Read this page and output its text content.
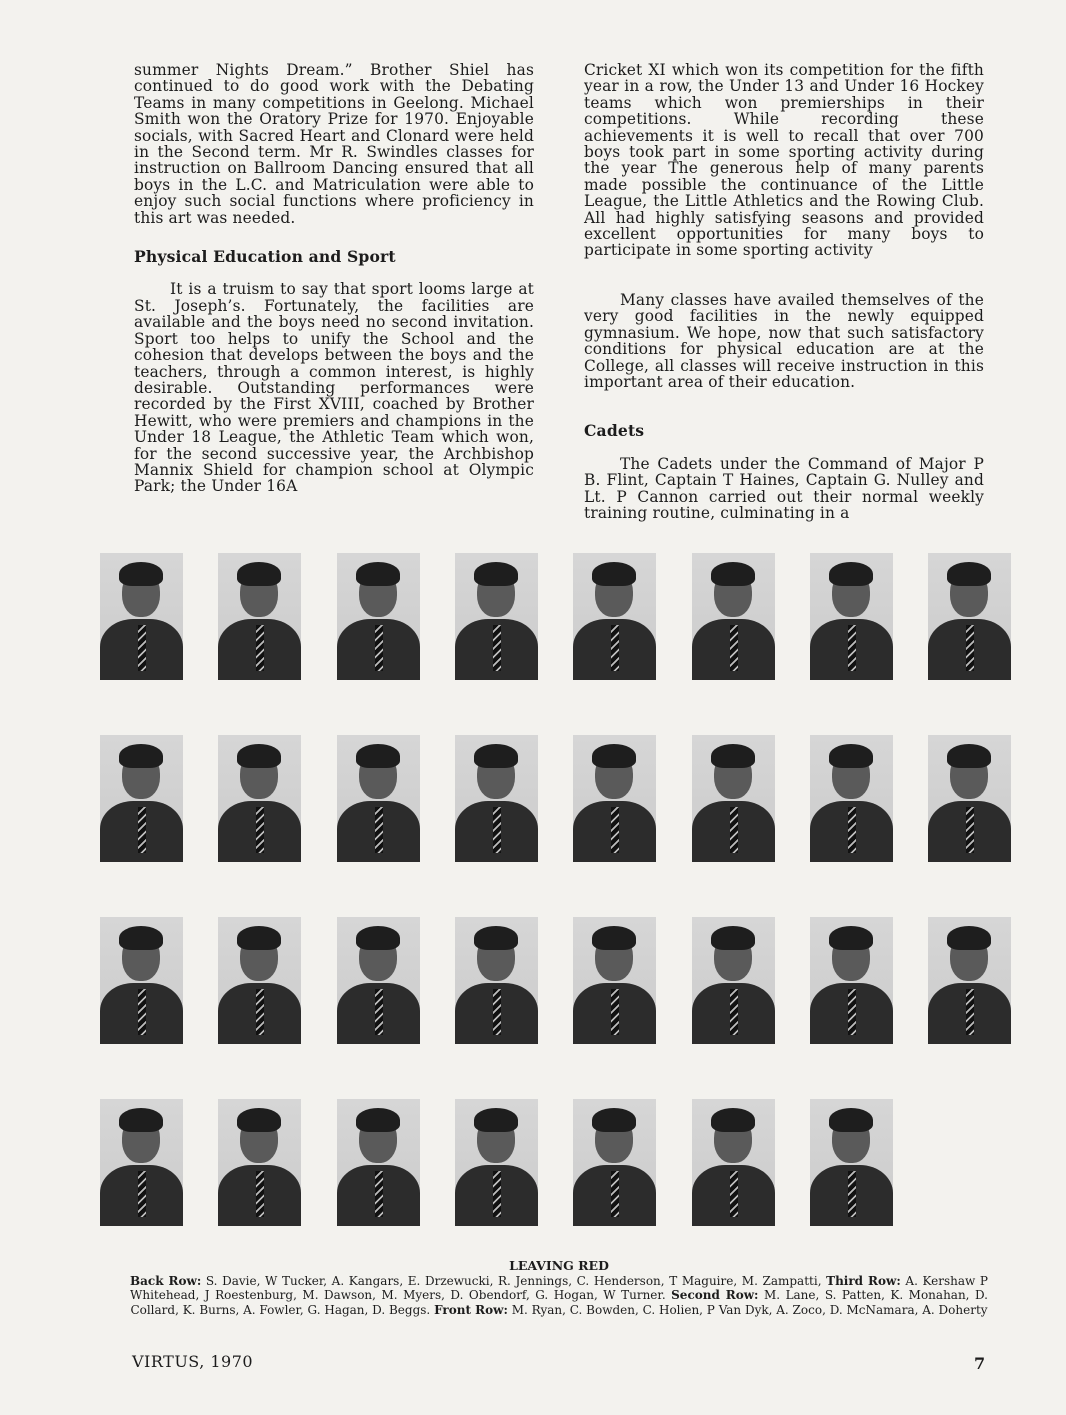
summer Nights Dream.” Brother Shiel has continued to do good work with the Debating Teams in many competitions in Geelong. Michael Smith won the Oratory Prize for 1970. Enjoyable socials, with Sacred Heart and Clonard were held in the Second term. Mr R. Swindles classes for instruction on Ballroom Dancing ensured that all boys in the L.C. and Matriculation were able to enjoy such social functions where proficiency in this art was needed.

Physical Education and Sport

It is a truism to say that sport looms large at St. Joseph’s. Fortunately, the facilities are available and the boys need no second invitation. Sport too helps to unify the School and the cohesion that develops between the boys and the teachers, through a common interest, is highly desirable. Outstanding performances were recorded by the First XVIII, coached by Brother Hewitt, who were premiers and champions in the Under 18 League, the Athletic Team which won, for the second successive year, the Archbishop Mannix Shield for champion school at Olympic Park; the Under 16A

Cricket XI which won its competition for the fifth year in a row, the Under 13 and Under 16 Hockey teams which won premierships in their competitions. While recording these achievements it is well to recall that over 700 boys took part in some sporting activity during the year The generous help of many parents made possible the continuance of the Little League, the Little Athletics and the Rowing Club. All had highly satisfying seasons and provided excellent opportunities for many boys to participate in some sporting activity

Many classes have availed themselves of the very good facilities in the newly equipped gymnasium. We hope, now that such satisfactory conditions for physical education are at the College, all classes will receive instruction in this important area of their education.

Cadets

The Cadets under the Command of Major P B. Flint, Captain T Haines, Captain G. Nulley and Lt. P Cannon carried out their normal weekly training routine, culminating in a

LEAVING RED
Back Row: S. Davie, W Tucker, A. Kangars, E. Drzewucki, R. Jennings, C. Henderson, T Maguire, M. Zampatti, Third Row: A. Kershaw P Whitehead, J Roestenburg, M. Dawson, M. Myers, D. Obendorf, G. Hogan, W Turner. Second Row: M. Lane, S. Patten, K. Monahan, D. Collard, K. Burns, A. Fowler, G. Hagan, D. Beggs. Front Row: M. Ryan, C. Bowden, C. Holien, P Van Dyk, A. Zoco, D. McNamara, A. Doherty
VIRTUS, 1970	7
